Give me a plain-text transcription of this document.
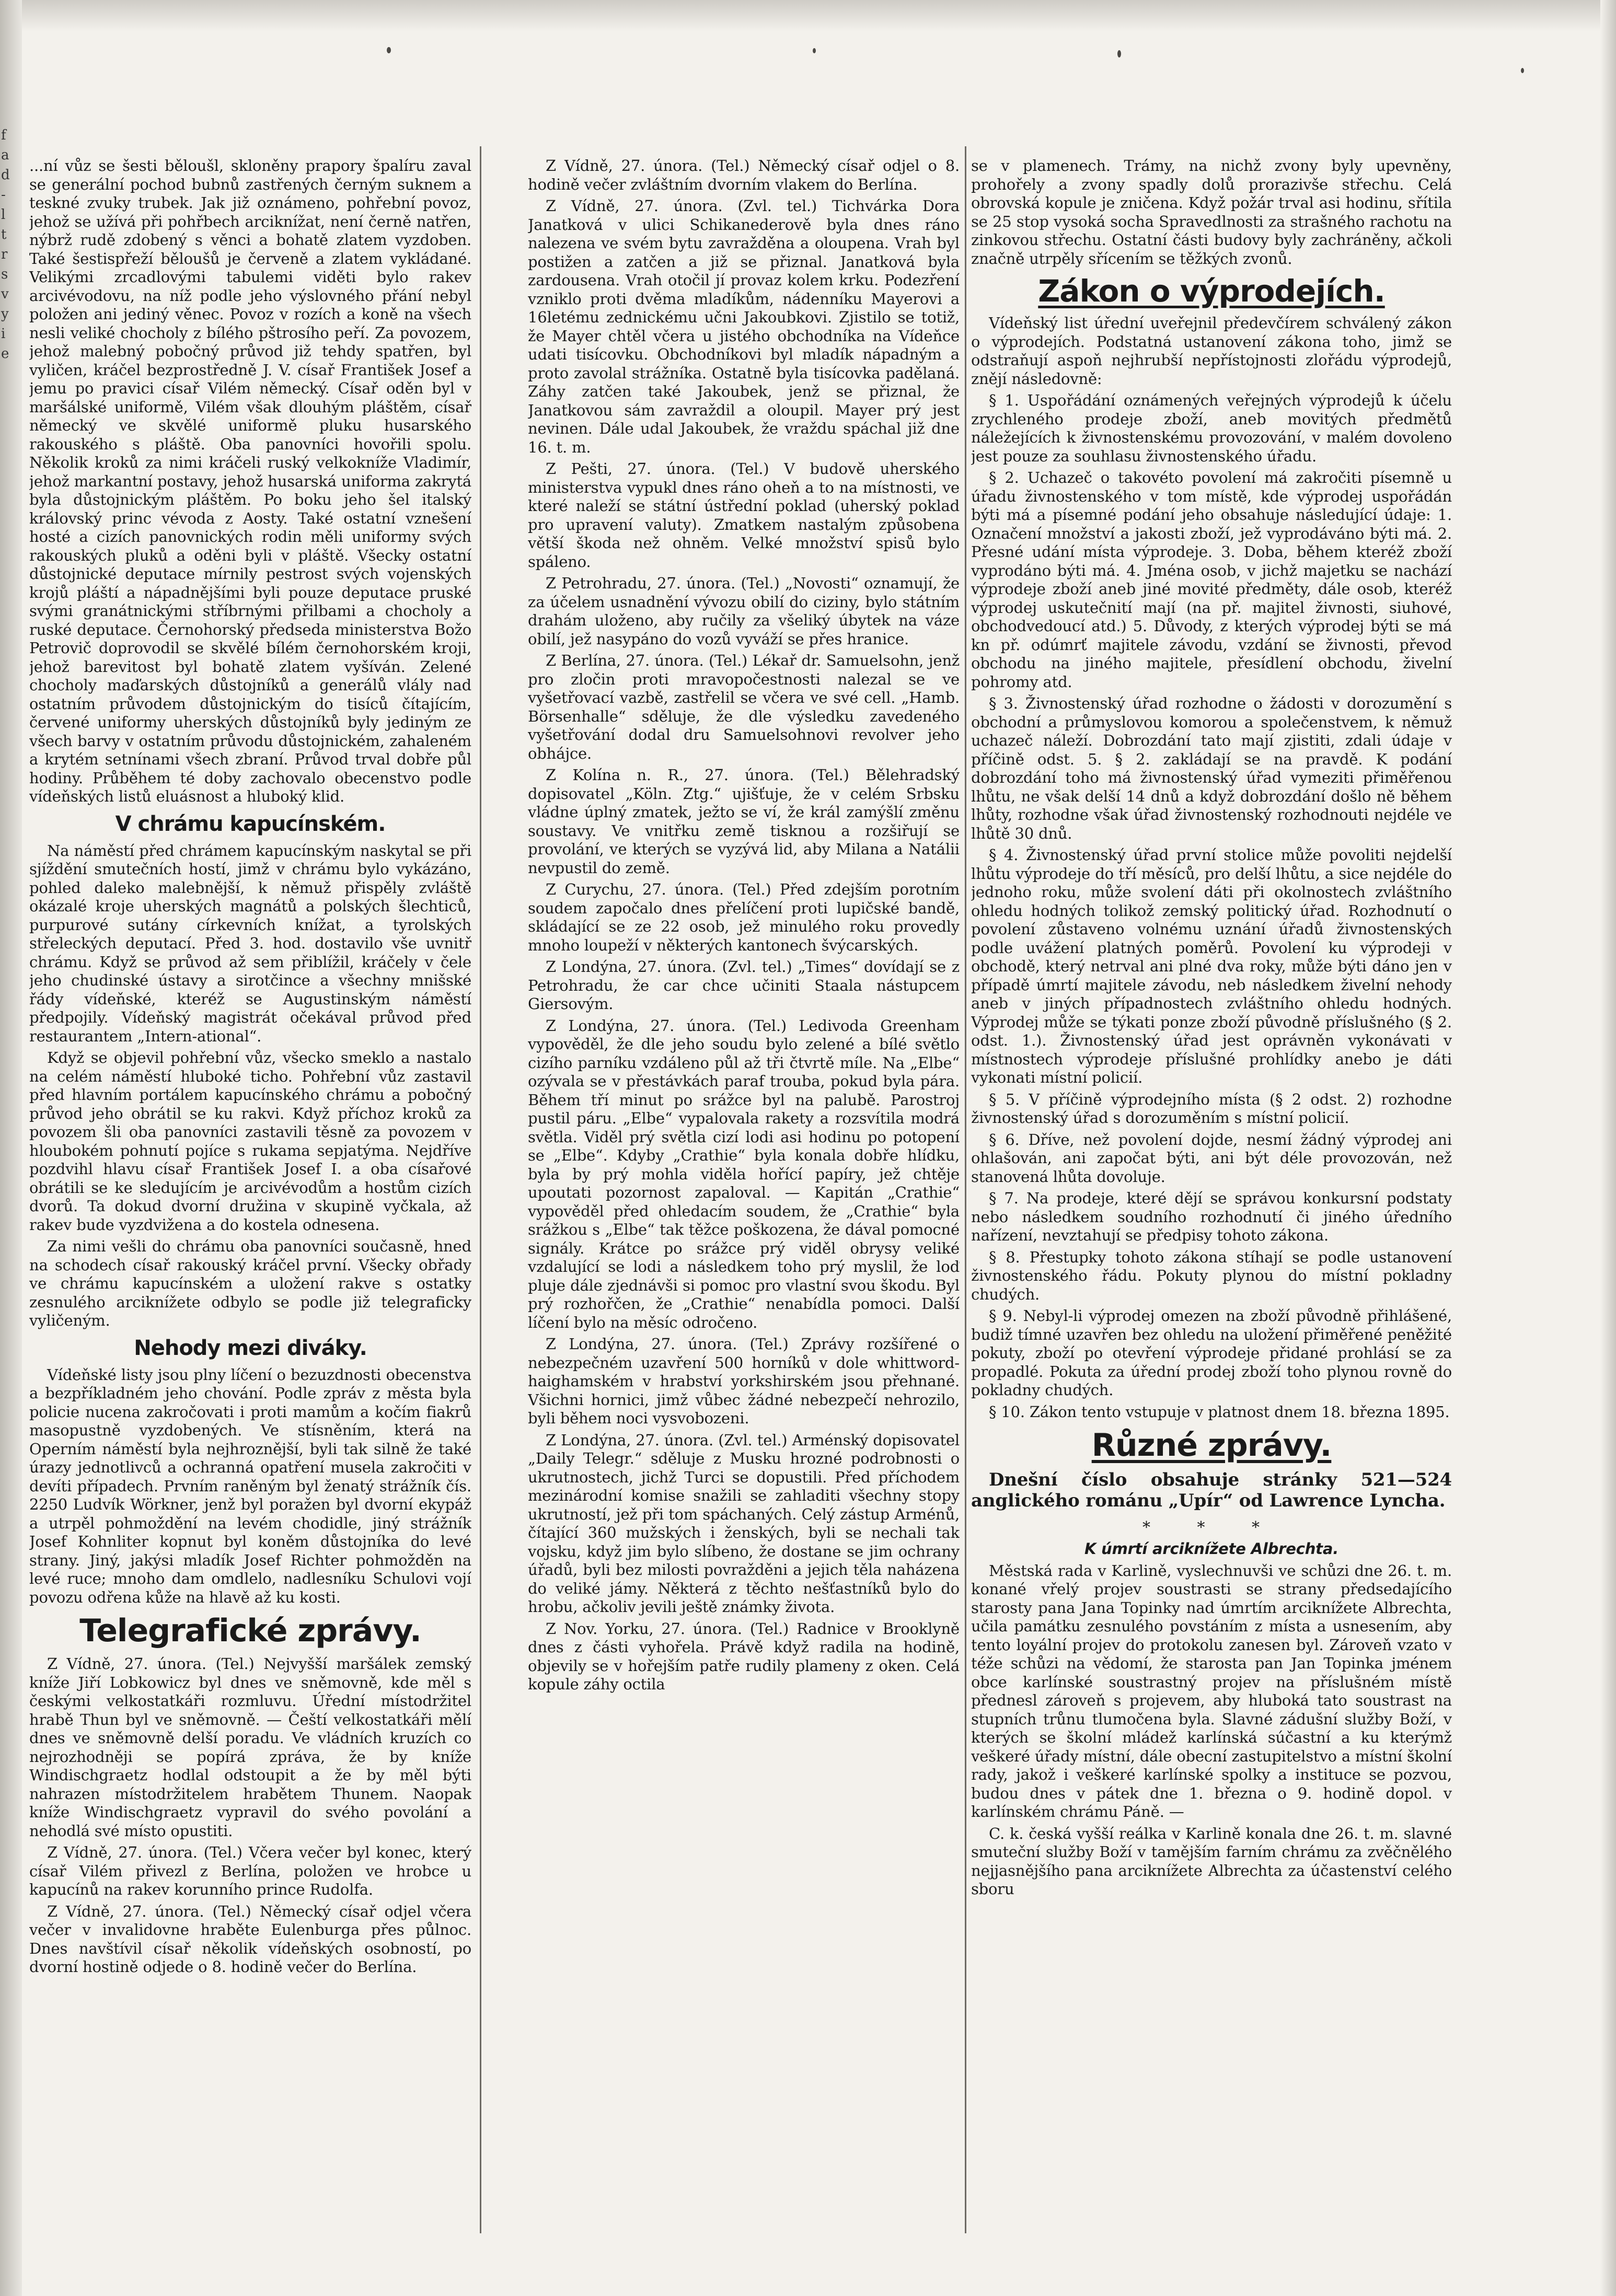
f
a
d
-
l
t
r
s
v
y
i
e

...ní vůz se šesti běloušl, skloněny prapory špalíru zaval se generální pochod bubnů zastřených černým suknem a teskné zvuky trubek. Jak již oznámeno, pohřební povoz, jehož se užívá při pohřbech arciknížat, není černě natřen, nýbrž rudě zdobený s věnci a bohatě zlatem vyzdoben. Také šestispřeží běloušů je červeně a zlatem vykládané. Velikými zrcadlovými tabulemi viděti bylo rakev arcivévodovu, na níž podle jeho výslovného přání nebyl položen ani jediný věnec. Povoz v rozích a koně na všech nesli veliké chocholy z bílého pštrosího peří. Za povozem, jehož malebný pobočný průvod již tehdy spatřen, byl vyličen, kráčel bezprostředně J. V. císař František Josef a jemu po pravici císař Vilém německý. Císař oděn byl v maršálské uniformě, Vilém však dlouhým pláštěm, císař německý ve skvělé uniformě pluku husarského rakouského s pláště. Oba panovníci hovořili spolu. Několik kroků za nimi kráčeli ruský velkokníže Vladimír, jehož markantní postavy, jehož husarská uniforma zakrytá byla důstojnickým pláštěm. Po boku jeho šel italský královský princ vévoda z Aosty. Také ostatní vznešení hosté a cizích panovnických rodin měli uniformy svých rakouských pluků a oděni byli v pláště. Všecky ostatní důstojnické deputace mírnily pestrost svých vojenských krojů pláští a nápadnějšími byli pouze deputace pruské svými granátnickými stříbrnými přilbami a chocholy a ruské deputace. Černohorský předseda ministerstva Božo Petrovič doprovodil se skvělé bílém černohorském kroji, jehož barevitost byl bohatě zlatem vyšíván. Zelené chocholy maďarských důstojníků a generálů vlály nad ostatním průvodem důstojnickým do tisíců čítajícím, červené uniformy uherských důstojníků byly jediným ze všech barvy v ostatním průvodu důstojnickém, zahaleném a krytém setnínami všech zbraní. Průvod trval dobře půl hodiny. Průběhem té doby zachovalo obecenstvo podle vídeňských listů eluásnost a hluboký klid.

V chrámu kapucínském.

Na náměstí před chrámem kapucínským naskytal se při sjíždění smutečních hostí, jimž v chrámu bylo vykázáno, pohled daleko malebnější, k němuž přispěly zvláště okázalé kroje uherských magnátů a polských šlechticů, purpurové sutány církevních knížat, a tyrolských střeleckých deputací. Před 3. hod. dostavilo vše uvnitř chrámu. Když se průvod až sem přiblížil, kráčely v čele jeho chudinské ústavy a sirotčince a všechny mnišské řády vídeňské, kteréž se Augustinským náměstí předpojily. Vídeňský magistrát očekával průvod před restaurantem „Intern-ational“.

Když se objevil pohřební vůz, všecko smeklo a nastalo na celém náměstí hluboké ticho. Pohřební vůz zastavil před hlavním portálem kapucínského chrámu a pobočný průvod jeho obrátil se ku rakvi. Když příchoz kroků za povozem šli oba panovníci zastavili těsně za povozem v hloubokém pohnutí pojíce s rukama sepjatýma. Nejdříve pozdvihl hlavu císař František Josef I. a oba císařové obrátili se ke sledujícím je arcivévodům a hostům cizích dvorů. Ta dokud dvorní družina v skupině vyčkala, až rakev bude vyzdvižena a do kostela odnesena.

Za nimi vešli do chrámu oba panovníci současně, hned na schodech císař rakouský kráčel první. Všecky obřady ve chrámu kapucínském a uložení rakve s ostatky zesnulého arciknížete odbylo se podle již telegraficky vyličeným.

Nehody mezi diváky.

Vídeňské listy jsou plny líčení o bezuzdnosti obecenstva a bezpříkladném jeho chování. Podle zpráv z města byla policie nucena zakročovati i proti mamům a kočím fiakrů masopustně vyzdobených. Ve stísněním, která na Operním náměstí byla nejhroznější, byli tak silně že také úrazy jednotlivců a ochranná opatření musela zakročiti v devíti případech. Prvním raněným byl ženatý strážník čís. 2250 Ludvík Wörkner, jenž byl poražen byl dvorní ekypáž a utrpěl pohmoždění na levém chodidle, jiný strážník Josef Kohnliter kopnut byl koněm důstojníka do levé strany. Jiný, jakýsi mladík Josef Richter pohmožděn na levé ruce; mnoho dam omdlelo, nadlesníku Schulovi vojí povozu odřena kůže na hlavě až ku kosti.

Telegrafické zprávy.

Z Vídně, 27. února. (Tel.) Nejvyšší maršálek zemský kníže Jiří Lobkowicz byl dnes ve sněmovně, kde měl s českými velkostatkáři rozmluvu. Úřední místodržitel hrabě Thun byl ve sněmovně. — Čeští velkostatkáři mělí dnes ve sněmovně delší poradu. Ve vládních kruzích co nejrozhodněji se popírá zpráva, že by kníže Windischgraetz hodlal odstoupit a že by měl býti nahrazen místodržitelem hrabětem Thunem. Naopak kníže Windischgraetz vypravil do svého povolání a nehodlá své místo opustiti.

Z Vídně, 27. února. (Tel.) Včera večer byl konec, který císař Vilém přivezl z Berlína, položen ve hrobce u kapucínů na rakev korunního prince Rudolfa.

Z Vídně, 27. února. (Tel.) Německý císař odjel včera večer v invalidovne hraběte Eulenburga přes půlnoc. Dnes navštívil císař několik vídeňských osobností, po dvorní hostině odjede o 8. hodině večer do Berlína.

Z Vídně, 27. února. (Tel.) Německý císař odjel o 8. hodině večer zvláštním dvorním vlakem do Berlína.

Z Vídně, 27. února. (Zvl. tel.) Tichvárka Dora Janatková v ulici Schikanederově byla dnes ráno nalezena ve svém bytu zavražděna a oloupena. Vrah byl postižen a zatčen a již se přiznal. Janatková byla zardousena. Vrah otočil jí provaz kolem krku. Podezření vzniklo proti dvěma mladíkům, nádenníku Mayerovi a 16letému zednickému učni Jakoubkovi. Zjistilo se totiž, že Mayer chtěl včera u jistého obchodníka na Vídeňce udati tisícovku. Obchodníkovi byl mladík nápadným a proto zavolal strážníka. Ostatně byla tisícovka padělaná. Záhy zatčen také Jakoubek, jenž se přiznal, že Janatkovou sám zavraždil a oloupil. Mayer prý jest nevinen. Dále udal Jakoubek, že vraždu spáchal již dne 16. t. m.

Z Pešti, 27. února. (Tel.) V budově uherského ministerstva vypukl dnes ráno oheň a to na místnosti, ve které naleží se státní ústřední poklad (uherský poklad pro upravení valuty). Zmatkem nastalým způsobena větší škoda než ohněm. Velké množství spisů bylo spáleno.

Z Petrohradu, 27. února. (Tel.) „Novosti“ oznamují, že za účelem usnadnění vývozu obilí do ciziny, bylo státním drahám uloženo, aby ručily za všeliký úbytek na váze obilí, jež nasypáno do vozů vyváží se přes hranice.

Z Berlína, 27. února. (Tel.) Lékař dr. Samuelsohn, jenž pro zločin proti mravopočestnosti nalezal se ve vyšetřovací vazbě, zastřelil se včera ve své cell. „Hamb. Börsenhalle“ sděluje, že dle výsledku zavedeného vyšetřování dodal dru Samuelsohnovi revolver jeho obhájce.

Z Kolína n. R., 27. února. (Tel.) Bělehradský dopisovatel „Köln. Ztg.“ ujišťuje, že v celém Srbsku vládne úplný zmatek, ježto se ví, že král zamýšlí změnu soustavy. Ve vnitřku země tisknou a rozšiřují se provolání, ve kterých se vyzývá lid, aby Milana a Natálii nevpustil do země.

Z Curychu, 27. února. (Tel.) Před zdejším porotním soudem započalo dnes přelíčení proti lupičské bandě, skládající se ze 22 osob, jež minulého roku provedly mnoho loupeží v některých kantonech švýcarských.

Z Londýna, 27. února. (Zvl. tel.) „Times“ dovídají se z Petrohradu, že car chce učiniti Staala nástupcem Giersovým.

Z Londýna, 27. února. (Tel.) Ledivoda Greenham vypověděl, že dle jeho soudu bylo zelené a bílé světlo cizího parníku vzdáleno půl až tři čtvrtě míle. Na „Elbe“ ozývala se v přestávkách paraf trouba, pokud byla pára. Během tří minut po srážce byl na palubě. Parostroj pustil páru. „Elbe“ vypalovala rakety a rozsvítila modrá světla. Viděl prý světla cizí lodi asi hodinu po potopení se „Elbe“. Kdyby „Crathie“ byla konala dobře hlídku, byla by prý mohla viděla hořící papíry, jež chtěje upoutati pozornost zapaloval. — Kapitán „Crathie“ vypověděl před ohledacím soudem, že „Crathie“ byla srážkou s „Elbe“ tak těžce poškozena, že dával pomocné signály. Krátce po srážce prý viděl obrysy veliké vzdalující se lodi a následkem toho prý myslil, že loď pluje dále zjednávši si pomoc pro vlastní svou škodu. Byl prý rozhořčen, že „Crathie“ nenabídla pomoci. Další líčení bylo na měsíc odročeno.

Z Londýna, 27. února. (Tel.) Zprávy rozšířené o nebezpečném uzavření 500 horníků v dole whittword-haighamském v hrabství yorkshirském jsou přehnané. Všichni hornici, jimž vůbec žádné nebezpečí nehrozilo, byli během noci vysvobozeni.

Z Londýna, 27. února. (Zvl. tel.) Arménský dopisovatel „Daily Telegr.“ sděluje z Musku hrozné podrobnosti o ukrutnostech, jichž Turci se dopustili. Před příchodem mezinárodní komise snažili se zahladiti všechny stopy ukrutností, jež při tom spáchaných. Celý zástup Arménů, čítající 360 mužských i ženských, byli se nechali tak vojsku, když jim bylo slíbeno, že dostane se jim ochrany úřadů, byli bez milosti povražděni a jejich těla naházena do veliké jámy. Některá z těchto nešťastníků bylo do hrobu, ačkoliv jevili ještě známky života.

Z Nov. Yorku, 27. února. (Tel.) Radnice v Brooklyně dnes z části vyhořela. Právě když radila na hodině, objevily se v hořejším patře rudily plameny z oken. Celá kopule záhy octila

se v plamenech. Trámy, na nichž zvony byly upevněny, prohořely a zvony spadly dolů prorazivše střechu. Celá obrovská kopule je zničena. Když požár trval asi hodinu, sřítila se 25 stop vysoká socha Spravedlnosti za strašného rachotu na zinkovou střechu. Ostatní části budovy byly zachráněny, ačkoli značně utrpěly sřícením se těžkých zvonů.

Zákon o výprodejích.

Vídeňský list úřední uveřejnil předevčírem schválený zákon o výprodejích. Podstatná ustanovení zákona toho, jimž se odstraňují aspoň nejhrubší nepřístojnosti zlořádu výprodejů, znějí následovně:

§ 1. Uspořádání oznámených veřejných výprodejů k účelu zrychleného prodeje zboží, aneb movitých předmětů náležejících k živnostenskému provozování, v malém dovoleno jest pouze za souhlasu živnostenského úřadu.

§ 2. Uchazeč o takovéto povolení má zakročiti písemně u úřadu živnostenského v tom místě, kde výprodej uspořádán býti má a písemné podání jeho obsahuje následující údaje: 1. Označení množství a jakosti zboží, jež vyprodáváno býti má. 2. Přesné udání místa výprodeje. 3. Doba, během kteréž zboží vyprodáno býti má. 4. Jména osob, v jichž majetku se nachází výprodeje zboží aneb jiné movité předměty, dále osob, kteréž výprodej uskutečnití mají (na př. majitel živnosti, siuhové, obchodvedoucí atd.) 5. Důvody, z kterých výprodej býti se má kn př. odúmrť majitele závodu, vzdání se živnosti, převod obchodu na jiného majitele, přesídlení obchodu, živelní pohromy atd.

§ 3. Živnostenský úřad rozhodne o žádosti v dorozumění s obchodní a průmyslovou komorou a společenstvem, k němuž uchazeč náleží. Dobrozdání tato mají zjistiti, zdali údaje v příčině odst. 5. § 2. zakládají se na pravdě. K podání dobrozdání toho má živnostenský úřad vymeziti přiměřenou lhůtu, ne však delší 14 dnů a když dobrozdání došlo ně během lhůty, rozhodne však úřad živnostenský rozhodnouti nejdéle ve lhůtě 30 dnů.

§ 4. Živnostenský úřad první stolice může povoliti nejdelší lhůtu výprodeje do tří měsíců, pro delší lhůtu, a sice nejdéle do jednoho roku, může svolení dáti při okolnostech zvláštního ohledu hodných tolikož zemský politický úřad. Rozhodnutí o povolení zůstaveno volnému uznání úřadů živnostenských podle uvážení platných poměrů. Povolení ku výprodeji v obchodě, který netrval ani plné dva roky, může býti dáno jen v případě úmrtí majitele závodu, neb následkem živelní nehody aneb v jiných případnostech zvláštního ohledu hodných. Výprodej může se týkati ponze zboží původně příslušného (§ 2. odst. 1.). Živnostenský úřad jest oprávněn vykonávati v místnostech výprodeje příslušné prohlídky anebo je dáti vykonati místní policií.

§ 5. V příčině výprodejního místa (§ 2 odst. 2) rozhodne živnostenský úřad s dorozuměním s místní policií.

§ 6. Dříve, než povolení dojde, nesmí žádný výprodej ani ohlašován, ani započat býti, ani být déle provozován, než stanovená lhůta dovoluje.

§ 7. Na prodeje, které dějí se správou konkursní podstaty nebo následkem soudního rozhodnutí či jiného úředního nařízení, nevztahují se předpisy tohoto zákona.

§ 8. Přestupky tohoto zákona stíhají se podle ustanovení živnostenského řádu. Pokuty plynou do místní pokladny chudých.

§ 9. Nebyl-li výprodej omezen na zboží původně přihlášené, budiž tímné uzavřen bez ohledu na uložení přiměřené peněžité pokuty, zboží po otevření výprodeje přidané prohlásí se za propadlé. Pokuta za úřední prodej zboží toho plynou rovně do pokladny chudých.

§ 10. Zákon tento vstupuje v platnost dnem 18. března 1895.

Různé zprávy.

Dnešní číslo obsahuje stránky 521—524 anglického románu „Upír“ od Lawrence Lyncha.

* * *

K úmrtí arciknížete Albrechta.

Městská rada v Karlině, vyslechnuvši ve schůzi dne 26. t. m. konané vřelý projev soustrasti se strany předsedajícího starosty pana Jana Topinky nad úmrtím arciknížete Albrechta, učila památku zesnulého povstáním z místa a usnesením, aby tento loyální projev do protokolu zanesen byl. Zároveň vzato v téže schůzi na vědomí, že starosta pan Jan Topinka jménem obce karlínské soustrastný projev na příslušném místě přednesl zároveň s projevem, aby hluboká tato soustrast na stupních trůnu tlumočena byla. Slavné zádušní služby Boží, v kterých se školní mládež karlínská súčastní a ku kterýmž veškeré úřady místní, dále obecní zastupitelstvo a místní školní rady, jakož i veškeré karlínské spolky a instituce se pozvou, budou dnes v pátek dne 1. března o 9. hodině dopol. v karlínském chrámu Páně. —

C. k. česká vyšší reálka v Karlině konala dne 26. t. m. slavné smuteční služby Boží v tamějším farním chrámu za zvěčnělého nejjasnějšího pana arciknížete Albrechta za účastenství celého sboru
